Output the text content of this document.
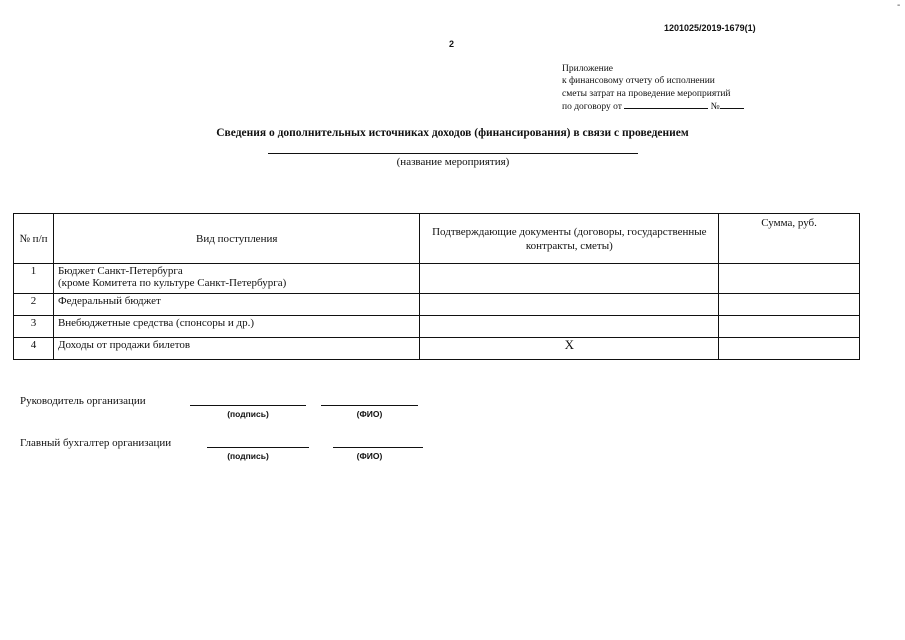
1201025/2019-1679(1)
2
-
Приложение
к финансовому отчету об исполнении
сметы затрат на проведение мероприятий
по договору от	№
Сведения о дополнительных источниках доходов (финансирования) в связи с проведением
(название мероприятия)
№ п/п	Вид поступления	Подтверждающие документы (договоры, государственные контракты, сметы)	Сумма, руб.
1	Бюджет Санкт-Петербурга
(кроме Комитета по культуре Санкт-Петербурга)		

2	Федеральный бюджет		
3	Внебюджетные средства (спонсоры и др.)		
4	Доходы от продажи билетов	X	
Руководитель организации
(подпись)	(ФИО)
Главный бухгалтер организации
(подпись)	(ФИО)
